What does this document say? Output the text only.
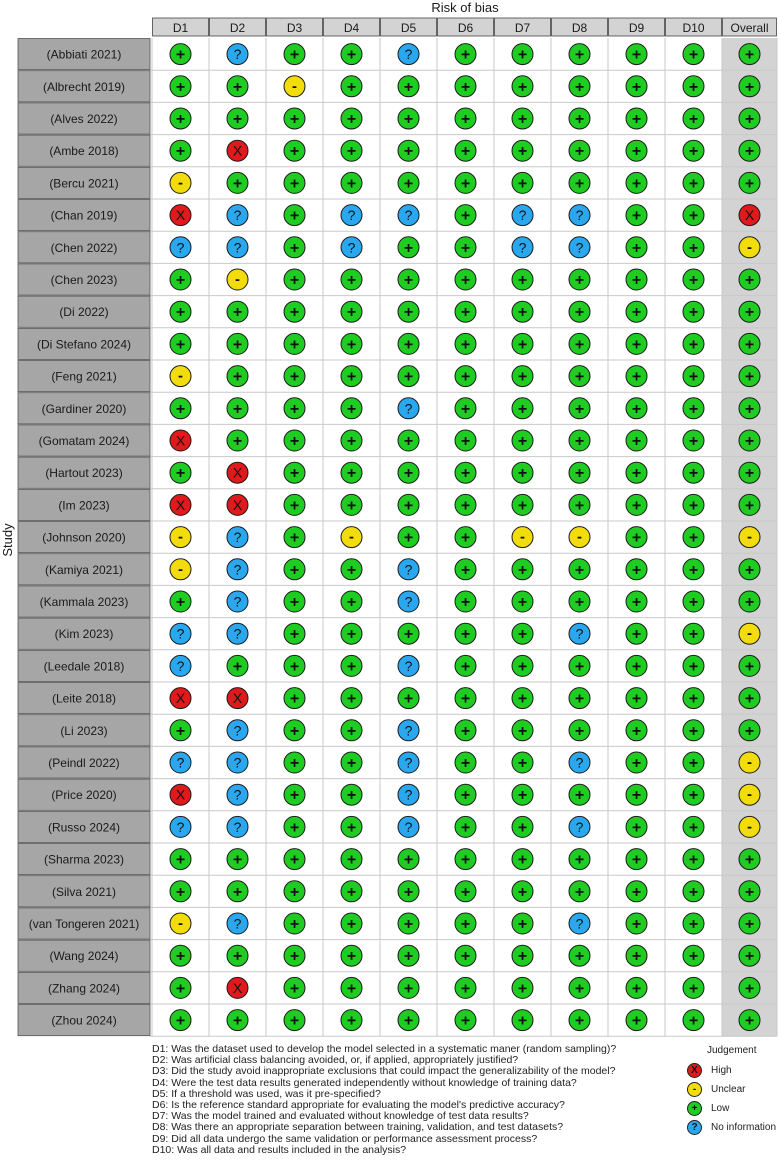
Risk of bias
Study
D1	D2	D3	D4	D5	D6	D7	D8	D9	D10 Overall
(Abbiati 2021)	+	?	+	+	?	+	+	+	+	+	+
(Albrecht 2019)	+	+	-	+	+	+	+	+	+	+	+
(Alves 2022)	+	+	+	+	+	+	+	+	+	+	+
(Ambe 2018)	+	X	+	+	+	+	+	+	+	+	+
(Bercu 2021)	-	+	+	+	+	+	+	+	+	+	+
(Chan 2019)	X	?	+	?	?	+	?	?	+	+	X
(Chen 2022)	?	?	+	?	+	+	?	?	+	+	-
(Chen 2023)	+	-	+	+	+	+	+	+	+	+	+
(Di 2022)	+	+	+	+	+	+	+	+	+	+	+
(Di Stefano 2024)	+	+	+	+	+	+	+	+	+	+	+
(Feng 2021)	-	+	+	+	+	+	+	+	+	+	+
(Gardiner 2020)	+	+	+	+	?	+	+	+	+	+	+
(Gomatam 2024)	X	+	+	+	+	+	+	+	+	+	+
(Hartout 2023)	+	X	+	+	+	+	+	+	+	+	+
(Im 2023)	X	X	+	+	+	+	+	+	+	+	+
(Johnson 2020)	-	?	+	-	+	+	-	-	+	+	-
(Kamiya 2021)	-	?	+	+	?	+	+	+	+	+	+
(Kammala 2023)	+	?	+	+	?	+	+	+	+	+	+
(Kim 2023)	?	?	+	+	+	+	+	?	+	+	-
(Leedale 2018)	?	+	+	+	?	+	+	+	+	+	+
(Leite 2018)	X	X	+	+	+	+	+	+	+	+	+
(Li 2023)	+	?	+	+	?	+	+	+	+	+	+
(Peindl 2022)	?	?	+	+	?	+	+	?	+	+	-
(Price 2020)	X	?	+	+	?	+	+	+	+	+	-
(Russo 2024)	?	?	+	+	?	+	+	?	+	+	-
(Sharma 2023)	+	+	+	+	+	+	+	+	+	+	+
(Silva 2021)	+	+	+	+	+	+	+	+	+	+	+
(van Tongeren 2021)	-	?	+	+	+	+	+	?	+	+	+
(Wang 2024)	+	+	+	+	+	+	+	+	+	+	+
(Zhang 2024)	+	X	+	+	+	+	+	+	+	+	+
(Zhou 2024)	+	+	+	+	+	+	+	+	+	+	+
D1: Was the dataset used to develop the model selected in a systematic maner (random sampling)?
D2: Was artificial class balancing avoided, or, if applied, appropriately justified?
D3: Did the study avoid inappropriate exclusions that could impact the generalizability of the model?
D4: Were the test data results generated independently without knowledge of training data?
D5: If a threshold was used, was it pre-specified?
D6: Is the reference standard appropriate for evaluating the model's predictive accuracy?
D7: Was the model trained and evaluated without knowledge of test data results?
D8: Was there an appropriate separation between training, validation, and test datasets?
D9: Did all data undergo the same validation or performance assessment process?
D10: Was all data and results included in the analysis?
Judgement
X	High
-	Unclear
+	Low
?	No information
